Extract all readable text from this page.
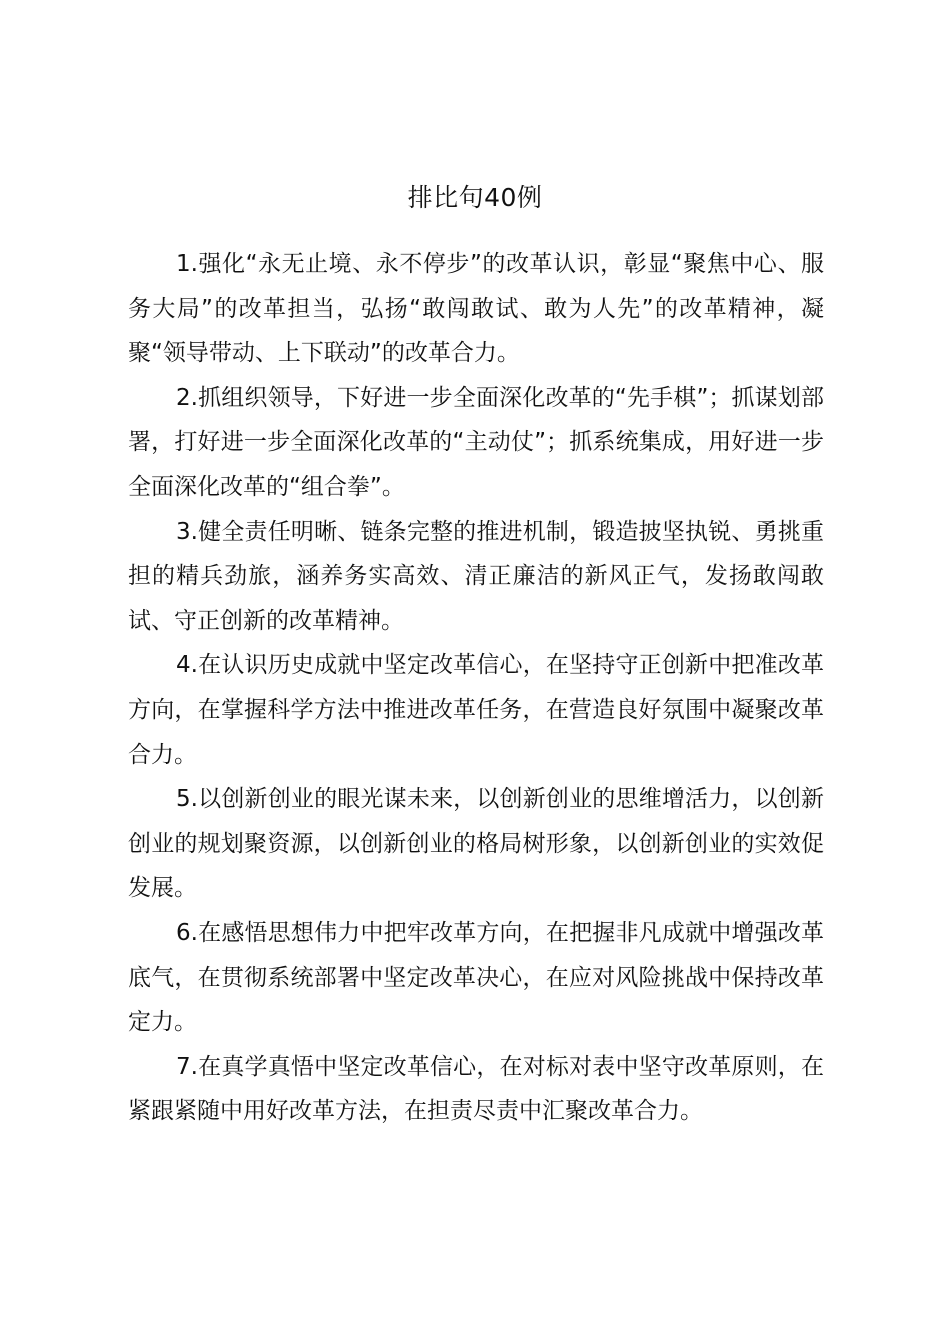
排比句40例

1.强化“永无止境、永不停步”的改革认识，彰显“聚焦中心、服务大局”的改革担当，弘扬“敢闯敢试、敢为人先”的改革精神，凝聚“领导带动、上下联动”的改革合力。

2.抓组织领导，下好进一步全面深化改革的“先手棋”；抓谋划部署，打好进一步全面深化改革的“主动仗”；抓系统集成，用好进一步全面深化改革的“组合拳”。

3.健全责任明晰、链条完整的推进机制，锻造披坚执锐、勇挑重担的精兵劲旅，涵养务实高效、清正廉洁的新风正气，发扬敢闯敢试、守正创新的改革精神。

4.在认识历史成就中坚定改革信心，在坚持守正创新中把准改革方向，在掌握科学方法中推进改革任务，在营造良好氛围中凝聚改革合力。

5.以创新创业的眼光谋未来，以创新创业的思维增活力，以创新创业的规划聚资源，以创新创业的格局树形象，以创新创业的实效促发展。

6.在感悟思想伟力中把牢改革方向，在把握非凡成就中增强改革底气，在贯彻系统部署中坚定改革决心，在应对风险挑战中保持改革定力。

7.在真学真悟中坚定改革信心，在对标对表中坚守改革原则，在紧跟紧随中用好改革方法，在担责尽责中汇聚改革合力。
